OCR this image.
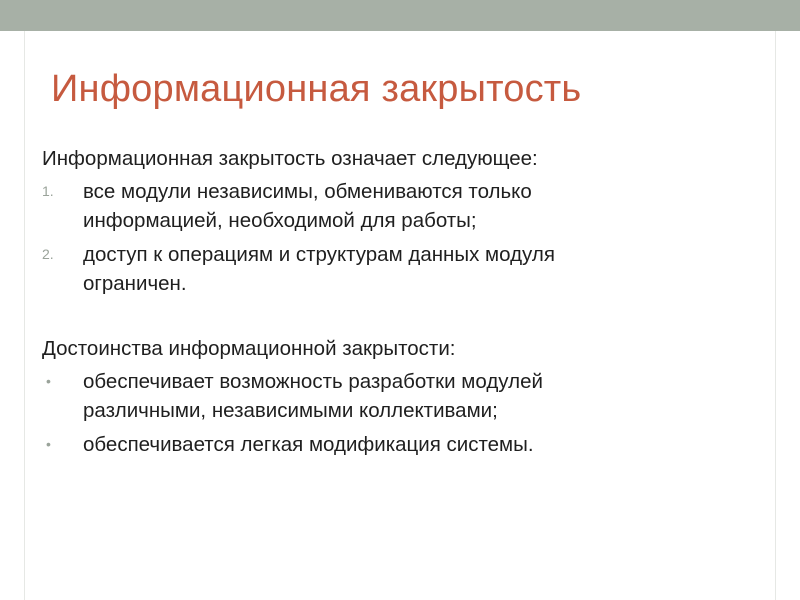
Информационная закрытость

Информационная закрытость означает следующее:

1. все модули независимы, обмениваются только
информацией, необходимой для работы;
2. доступ к операциям и структурам данных модуля
ограничен.

Достоинства информационной закрытости:

• обеспечивает возможность разработки модулей
различными, независимыми коллективами;
• обеспечивается легкая модификация системы.
